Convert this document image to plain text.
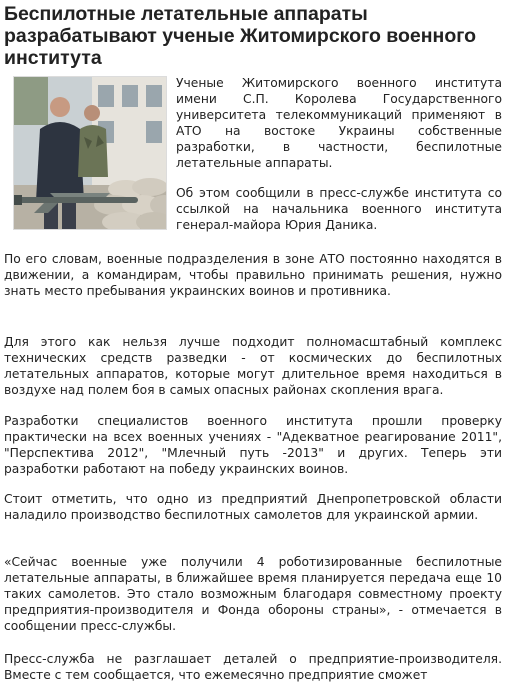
Беспилотные летательные аппараты разрабатывают ученые Житомирского военного института

Ученые Житомирского военного института имени С.П. Королева Государственного университета телекоммуникаций применяют в АТО на востоке Украины собственные разработки, в частности, беспилотные летательные аппараты.

Об этом сообщили в пресс-службе института со ссылкой на начальника военного института генерал-майора Юрия Даника.

По его словам, военные подразделения в зоне АТО постоянно находятся в движении, а командирам, чтобы правильно принимать решения, нужно знать место пребывания украинских воинов и противника.

Для этого как нельзя лучше подходит полномасштабный комплекс технических средств разведки - от космических до беспилотных летательных аппаратов, которые могут длительное время находиться в воздухе над полем боя в самых опасных районах скопления врага.

Разработки специалистов военного института прошли проверку практически на всех военных учениях - "Адекватное реагирование 2011", "Перспектива 2012", "Млечный путь -2013" и других. Теперь эти разработки работают на победу украинских воинов.

Стоит отметить, что одно из предприятий Днепропетровской области наладило производство беспилотных самолетов для украинской армии.

«Сейчас военные уже получили 4 роботизированные беспилотные летательные аппараты, в ближайшее время планируется передача еще 10 таких самолетов. Это стало возможным благодаря совместному проекту предприятия-производителя и Фонда обороны страны», - отмечается в сообщении пресс-службы.

Пресс-служба не разглашает деталей о предприятие-производителя. Вместе с тем сообщается, что ежемесячно предприятие сможет
